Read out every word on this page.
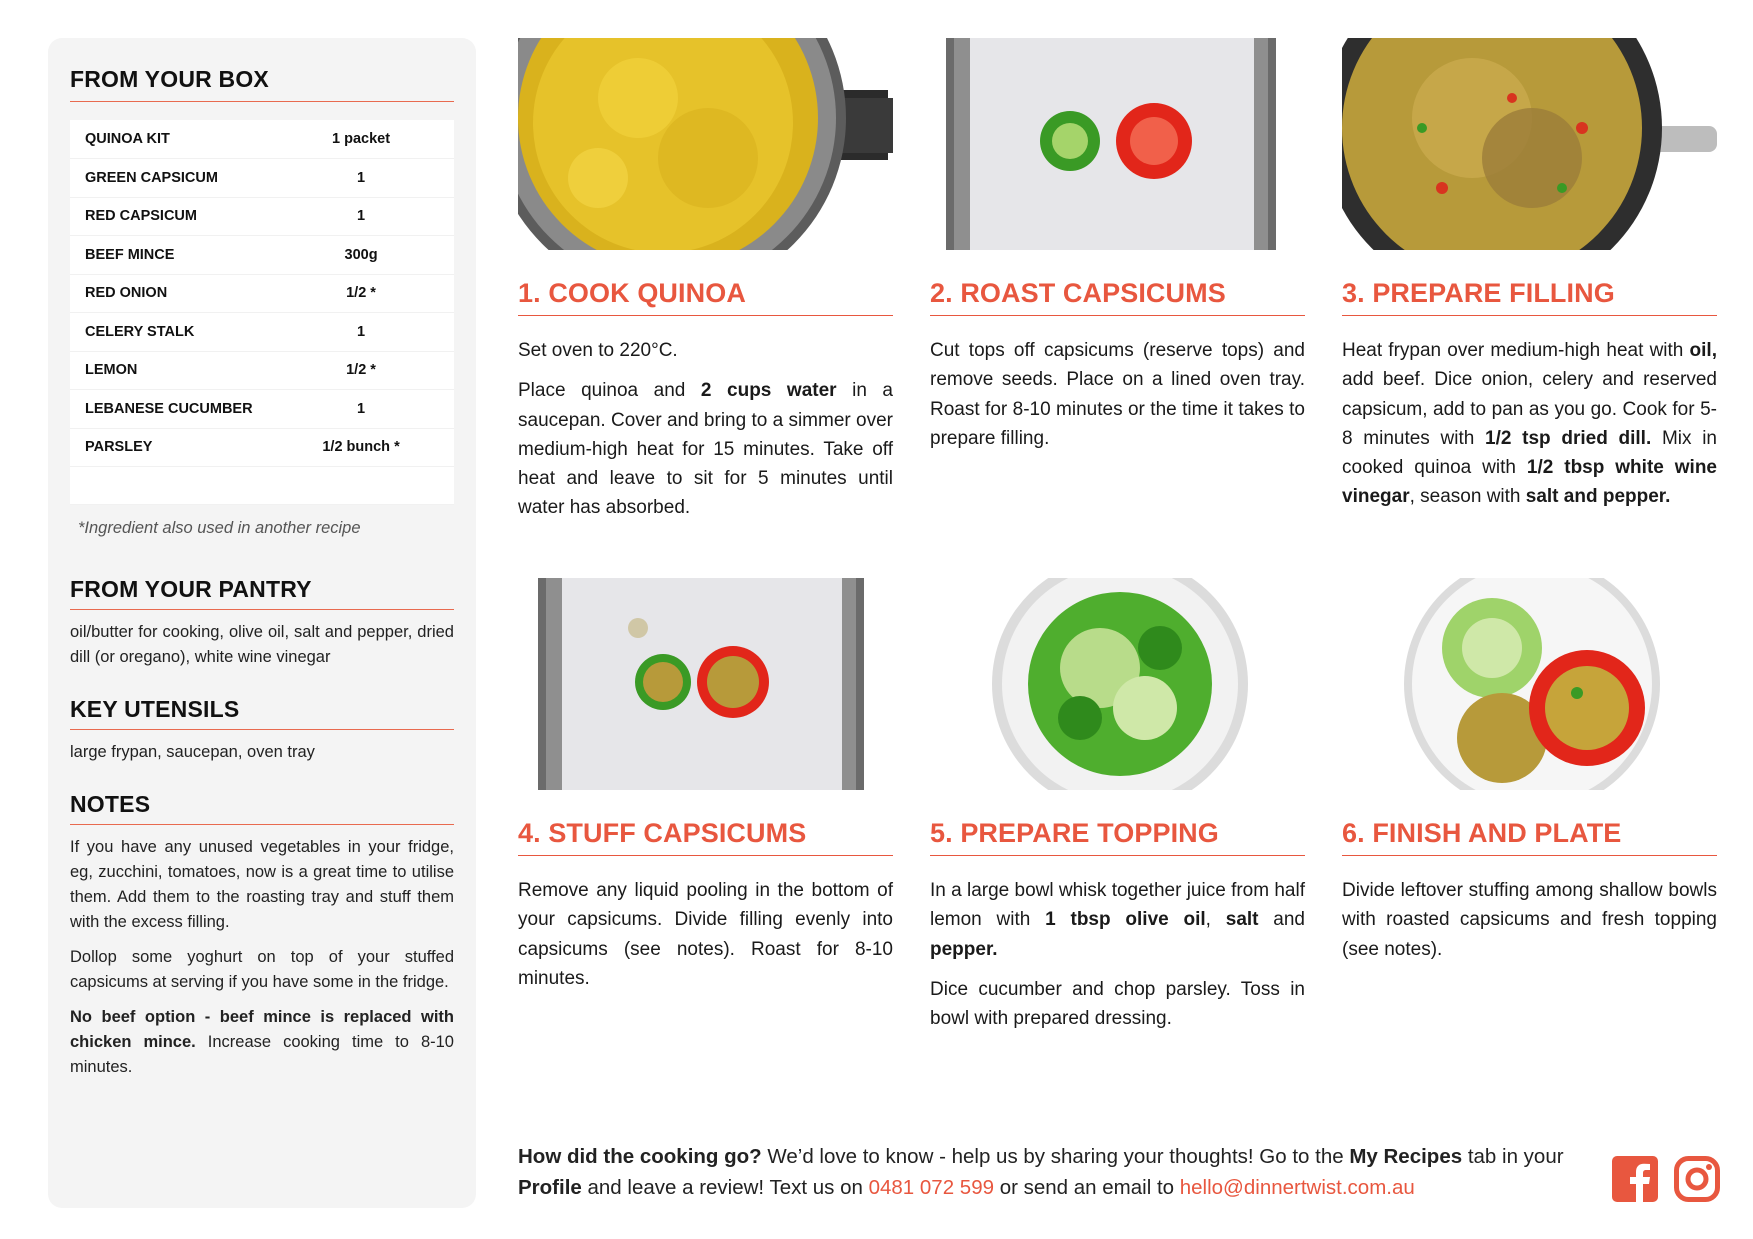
FROM YOUR BOX
QUINOA KIT	1 packet
GREEN CAPSICUM	1
RED CAPSICUM	1
BEEF MINCE	300g
RED ONION	1/2 *
CELERY STALK	1
LEMON	1/2 *
LEBANESE CUCUMBER	1
PARSLEY	1/2 bunch *

*Ingredient also used in another recipe
FROM YOUR PANTRY
oil/butter for cooking, olive oil, salt and pepper, dried dill (or oregano), white wine vinegar
KEY UTENSILS
large frypan, saucepan, oven tray
NOTES
If you have any unused vegetables in your fridge, eg, zucchini, tomatoes, now is a great time to utilise them. Add them to the roasting tray and stuff them with the excess filling.
Dollop some yoghurt on top of your stuffed capsicums at serving if you have some in the fridge.
No beef option - beef mince is replaced with chicken mince. Increase cooking time to 8-10 minutes.
1. COOK QUINOA

Set oven to 220°C.

Place quinoa and 2 cups water in a saucepan. Cover and bring to a simmer over medium-high heat for 15 minutes. Take off heat and leave to sit for 5 minutes until water has absorbed.

2. ROAST CAPSICUMS

Cut tops off capsicums (reserve tops) and remove seeds. Place on a lined oven tray. Roast for 8-10 minutes or the time it takes to prepare filling.

3. PREPARE FILLING

Heat frypan over medium-high heat with oil, add beef. Dice onion, celery and reserved capsicum, add to pan as you go. Cook for 5-8 minutes with 1/2 tsp dried dill. Mix in cooked quinoa with 1/2 tbsp white wine vinegar, season with salt and pepper.

4. STUFF CAPSICUMS

Remove any liquid pooling in the bottom of your capsicums. Divide filling evenly into capsicums (see notes). Roast for 8-10 minutes.

5. PREPARE TOPPING

In a large bowl whisk together juice from half lemon with 1 tbsp olive oil, salt and pepper.

Dice cucumber and chop parsley. Toss in bowl with prepared dressing.

6. FINISH AND PLATE

Divide leftover stuffing among shallow bowls with roasted capsicums and fresh topping (see notes).

How did the cooking go? We’d love to know - help us by sharing your thoughts! Go to the My Recipes tab in your Profile and leave a review! Text us on 0481 072 599 or send an email to hello@dinnertwist.com.au
